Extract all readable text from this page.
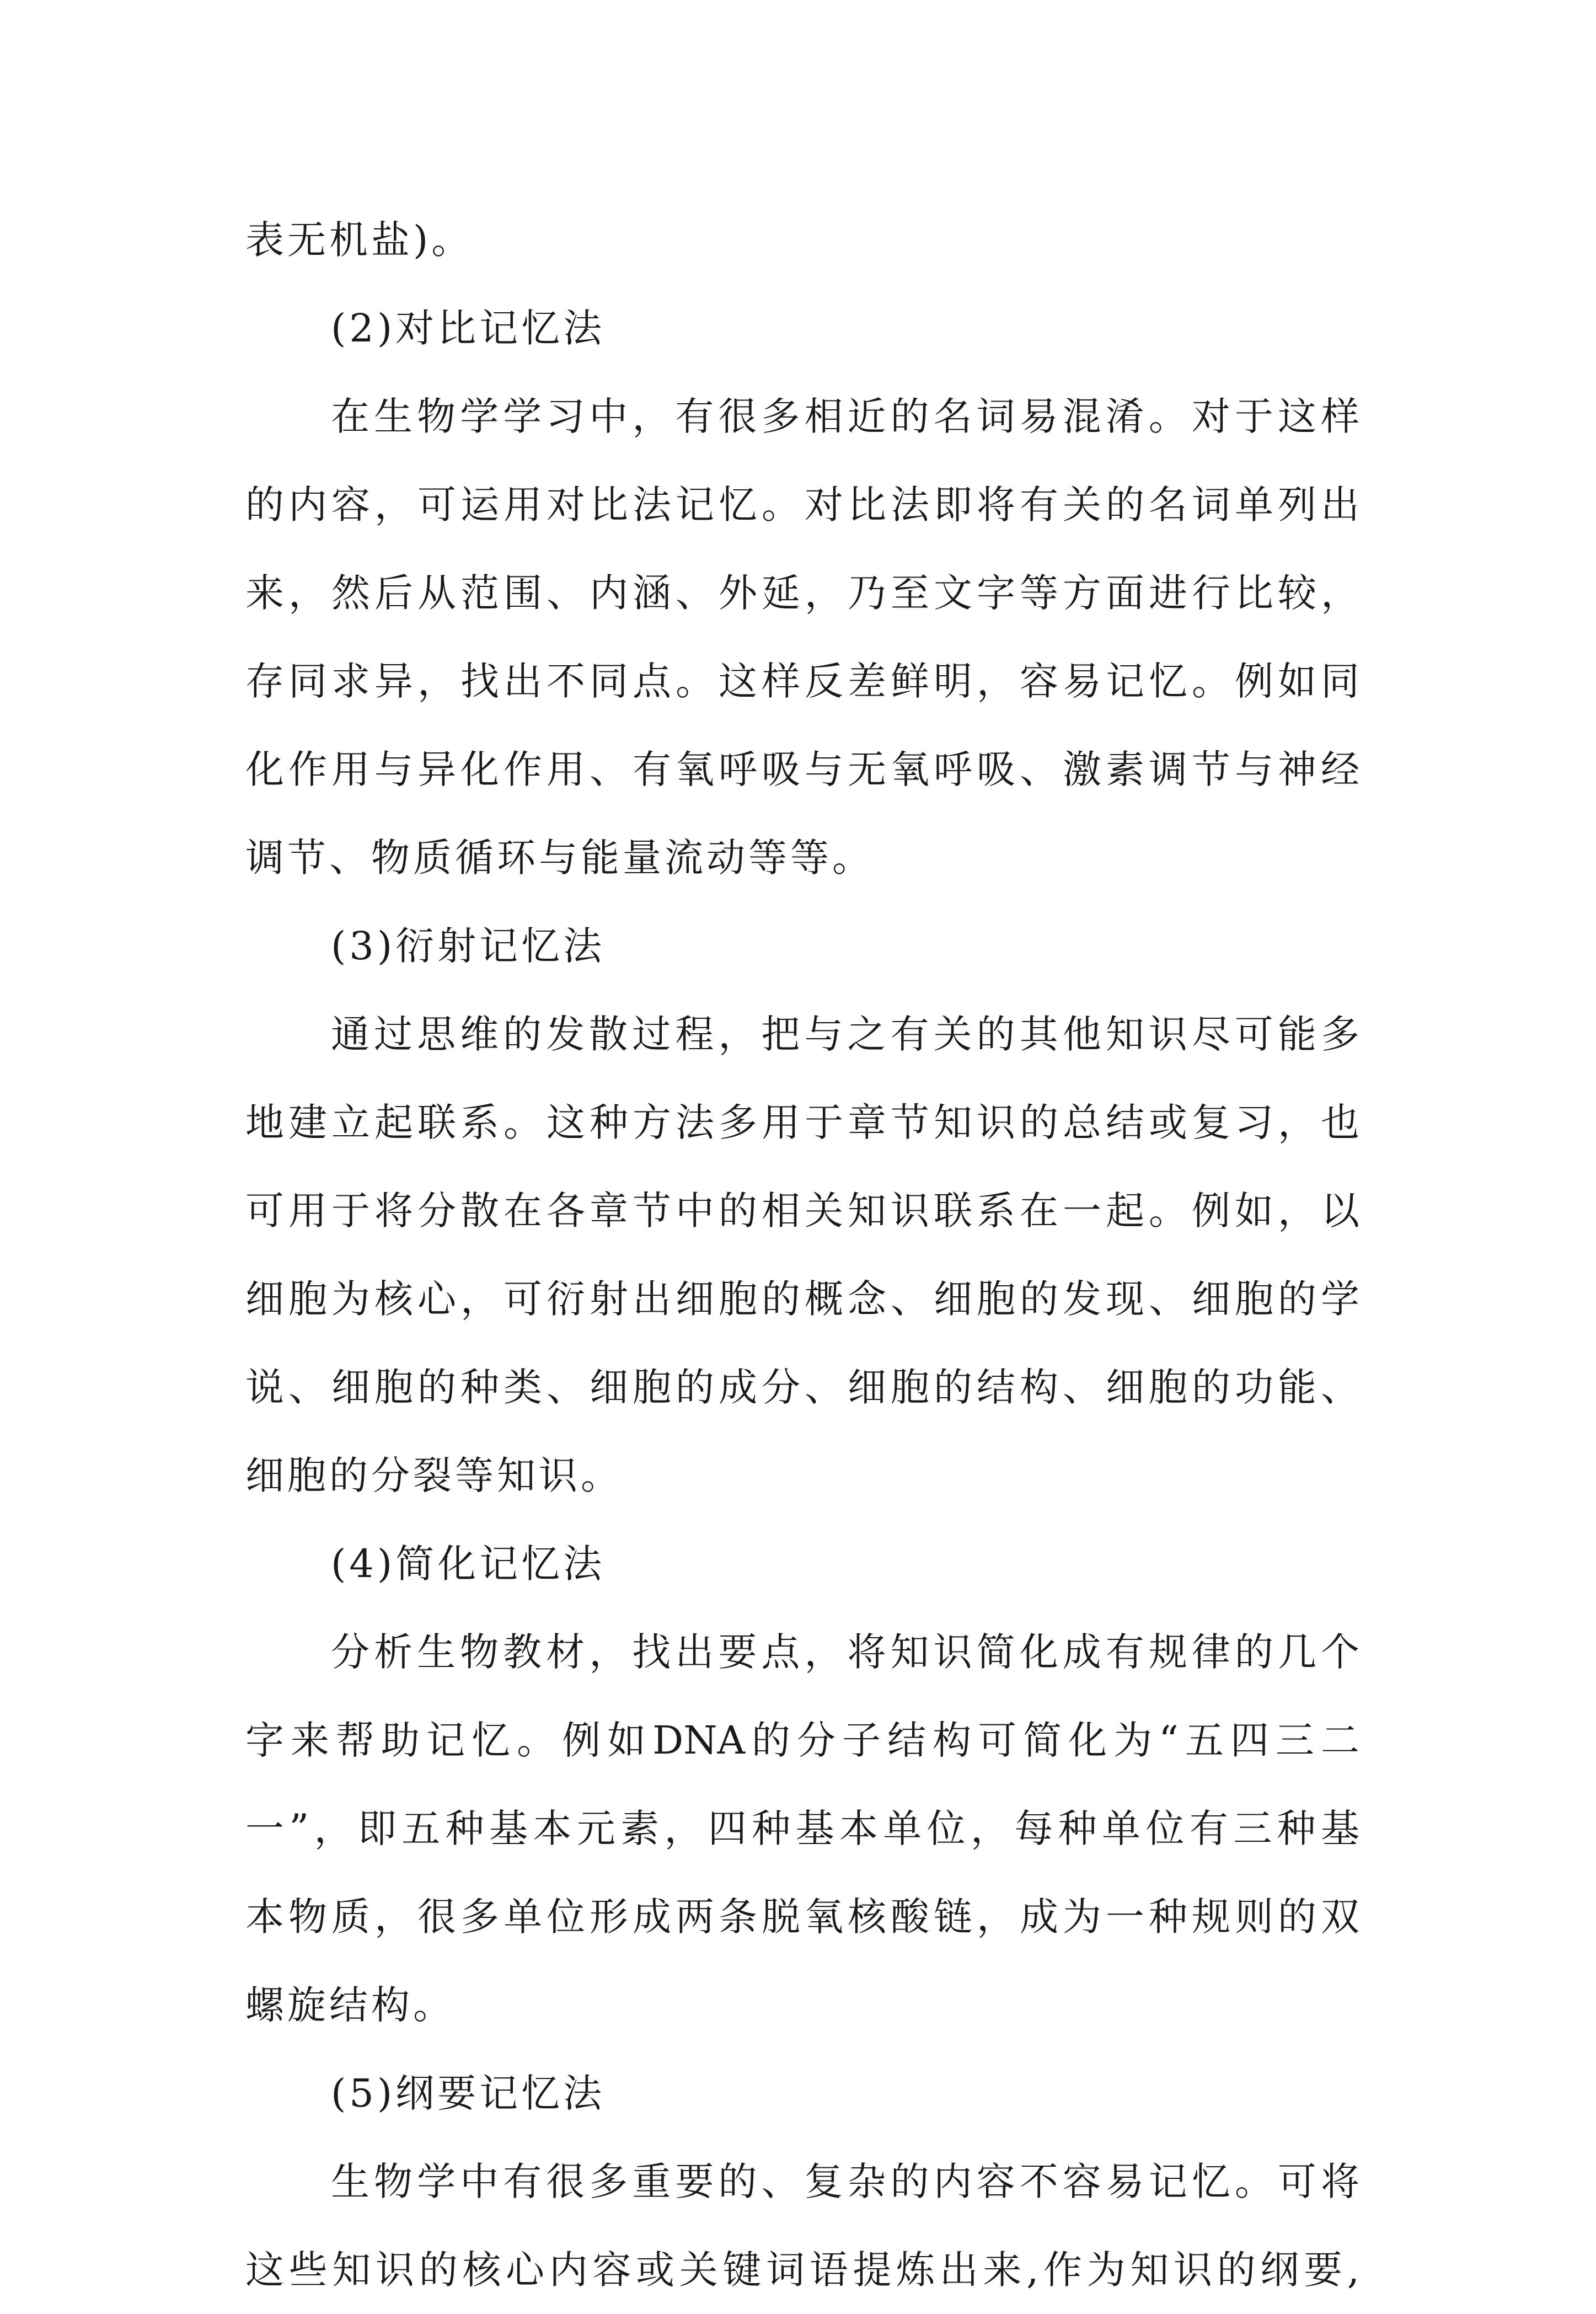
表无机盐)。
(2)对比记忆法
在生物学学习中，有很多相近的名词易混淆。对于这样
的内容，可运用对比法记忆。对比法即将有关的名词单列出
来，然后从范围、内涵、外延，乃至文字等方面进行比较，
存同求异，找出不同点。这样反差鲜明，容易记忆。例如同
化作用与异化作用、有氧呼吸与无氧呼吸、激素调节与神经
调节、物质循环与能量流动等等。
(3)衍射记忆法
通过思维的发散过程，把与之有关的其他知识尽可能多
地建立起联系。这种方法多用于章节知识的总结或复习，也
可用于将分散在各章节中的相关知识联系在一起。例如，以
细胞为核心，可衍射出细胞的概念、细胞的发现、细胞的学
说、细胞的种类、细胞的成分、细胞的结构、细胞的功能、
细胞的分裂等知识。
(4)简化记忆法
分析生物教材，找出要点，将知识简化成有规律的几个
字来帮助记忆。例如DNA的分子结构可简化为“五四三二
一”，即五种基本元素，四种基本单位，每种单位有三种基
本物质，很多单位形成两条脱氧核酸链，成为一种规则的双
螺旋结构。
(5)纲要记忆法
生物学中有很多重要的、复杂的内容不容易记忆。可将
这些知识的核心内容或关键词语提炼出来,作为知识的纲要,
